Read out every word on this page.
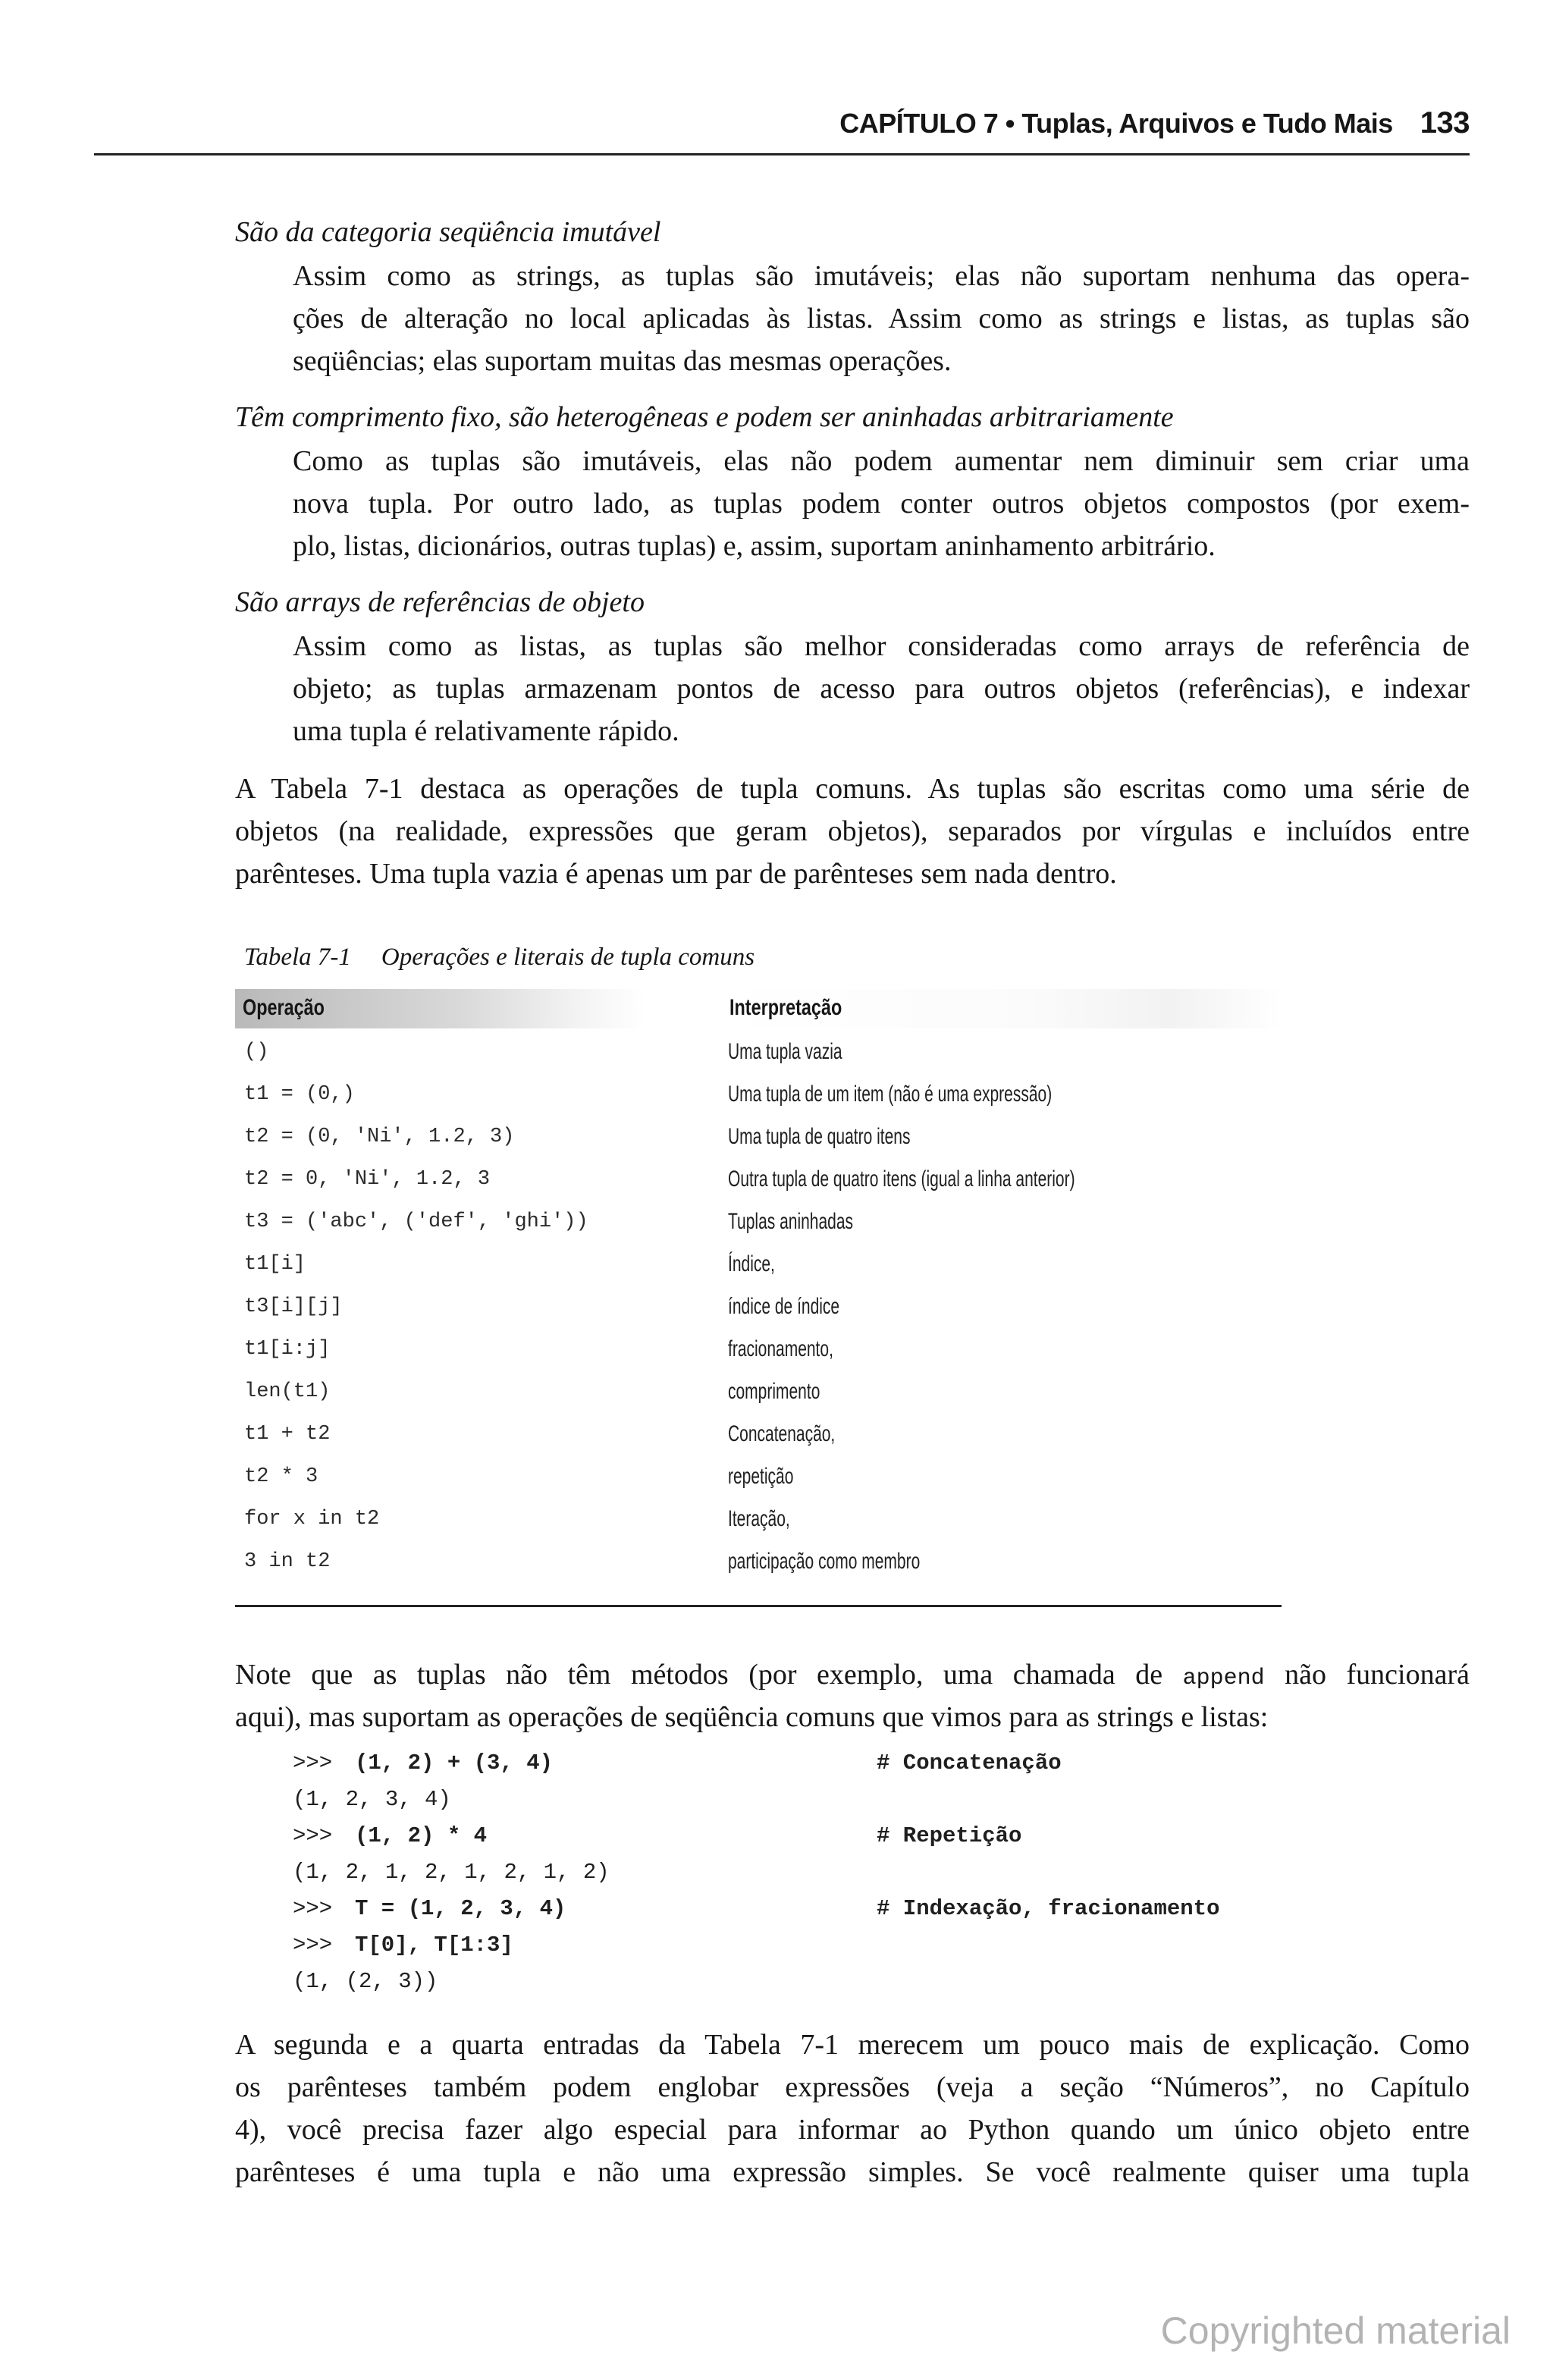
CAPÍTULO 7 • Tuplas, Arquivos e Tudo Mais 133
São da categoria seqüência imutável
Assim como as strings, as tuplas são imutáveis; elas não suportam nenhuma das opera-
ções de alteração no local aplicadas às listas. Assim como as strings e listas, as tuplas são
seqüências; elas suportam muitas das mesmas operações.
Têm comprimento fixo, são heterogêneas e podem ser aninhadas arbitrariamente
Como as tuplas são imutáveis, elas não podem aumentar nem diminuir sem criar uma
nova tupla. Por outro lado, as tuplas podem conter outros objetos compostos (por exem-
plo, listas, dicionários, outras tuplas) e, assim, suportam aninhamento arbitrário.
São arrays de referências de objeto
Assim como as listas, as tuplas são melhor consideradas como arrays de referência de
objeto; as tuplas armazenam pontos de acesso para outros objetos (referências), e indexar
uma tupla é relativamente rápido.
A Tabela 7-1 destaca as operações de tupla comuns. As tuplas são escritas como uma série de
objetos (na realidade, expressões que geram objetos), separados por vírgulas e incluídos entre
parênteses. Uma tupla vazia é apenas um par de parênteses sem nada dentro.
Tabela 7-1 Operações e literais de tupla comuns
Operação	Interpretação
()	Uma tupla vazia
t1 = (0,)	Uma tupla de um item (não é uma expressão)
t2 = (0, 'Ni', 1.2, 3)	Uma tupla de quatro itens
t2 = 0, 'Ni', 1.2, 3	Outra tupla de quatro itens (igual a linha anterior)
t3 = ('abc', ('def', 'ghi'))	Tuplas aninhadas
t1[i]	Índice,
t3[i][j]	índice de índice
t1[i:j]	fracionamento,
len(t1)	comprimento
t1 + t2	Concatenação,
t2 * 3	repetição
for x in t2	Iteração,
3 in t2	participação como membro
Note que as tuplas não têm métodos (por exemplo, uma chamada de append não funcionará
aqui), mas suportam as operações de seqüência comuns que vimos para as strings e listas:
>>> (1, 2) + (3, 4)	# Concatenação
(1, 2, 3, 4)
>>> (1, 2) * 4	# Repetição
(1, 2, 1, 2, 1, 2, 1, 2)
>>> T = (1, 2, 3, 4)	# Indexação, fracionamento
>>> T[0], T[1:3]
(1, (2, 3))
A segunda e a quarta entradas da Tabela 7-1 merecem um pouco mais de explicação. Como
os parênteses também podem englobar expressões (veja a seção “Números”, no Capítulo
4), você precisa fazer algo especial para informar ao Python quando um único objeto entre
parênteses é uma tupla e não uma expressão simples. Se você realmente quiser uma tupla
Copyrighted material
